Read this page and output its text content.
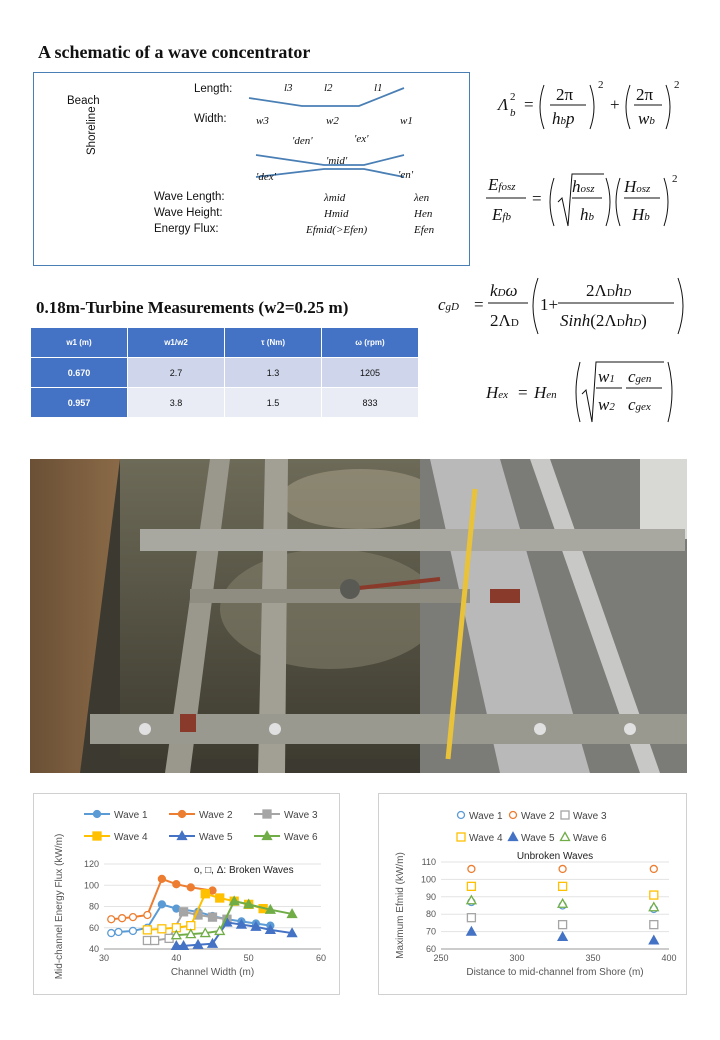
A schematic of a wave concentrator
Beach
Shoreline
Length:
Width:
l3	l2	l1
w3	w2	w1
'den'	'ex'
'mid'
'dex'	'en'
Wave Length:
Wave Height:
Energy Flux:
λmid	λen
Hmid	Hen
Efmid(>Efen)	Efen
Λ 2
b =
2π
hbp
2
+
2π
wb
2
Efosz
Efb
=
hosz
hb
Hosz
Hb
2
cgD =
kDω
2ΛD
1+
2ΛDhD
Sinh(2ΛDhD)
Hex = Hen
w1
w2
cgen
cgex
0.18m-Turbine Measurements (w2=0.25 m)
w1 (m)	w1/w2	τ (Nm)	ω (rpm)
0.670	2.7	1.3	1205
0.957	3.8	1.5	833
40
60
80
100
120
30	40	50	60
Channel Width (m)
Mid-channel Energy Flux (kW/m)
Wave 1	Wave 2	Wave 3
Wave 4	Wave 5	Wave 6
o, □, Δ: Broken Waves
60
70
80
90
100
110
250	300	350	400
Distance to mid-channel from Shore (m)
Maximum Efmid (kW/m)
Wave 1 Wave 2 Wave 3
Wave 4 Wave 5 Wave 6
Unbroken Waves
